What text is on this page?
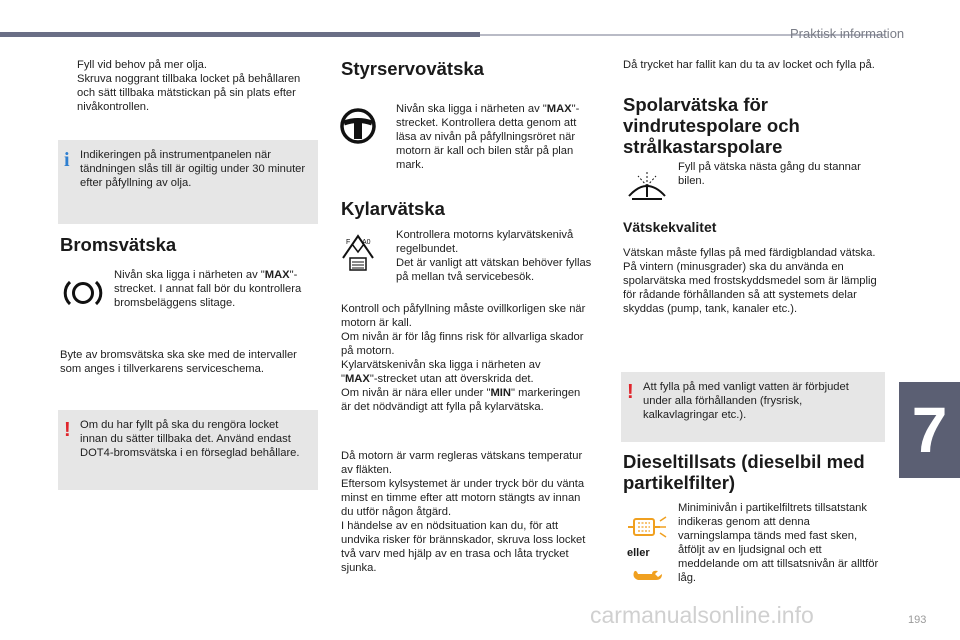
Praktisk information
7
Fyll vid behov på mer olja.
Skruva noggrant tillbaka locket på behållaren och sätt tillbaka mätstickan på sin plats efter nivåkontrollen.
i Indikeringen på instrumentpanelen när tändningen slås till är ogiltig under 30 minuter efter påfyllning av olja.
Bromsvätska
Nivån ska ligga i närheten av "MAX"-strecket. I annat fall bör du kontrollera bromsbeläggens slitage.
Byte av bromsvätska ska ske med de intervaller som anges i tillverkarens serviceschema.
! Om du har fyllt på ska du rengöra locket innan du sätter tillbaka det. Använd endast DOT4-bromsvätska i en förseglad behållare.
Styrservovätska
Nivån ska ligga i närheten av "MAX"-strecket. Kontrollera detta genom att läsa av nivån på påfyllningsröret när motorn är kall och bilen står på plan mark.
Kylarvätska
F A0
Kontrollera motorns kylarvätskenivå regelbundet.
Det är vanligt att vätskan behöver fyllas på mellan två servicebesök.
Kontroll och påfyllning måste ovillkorligen ske när motorn är kall.
Om nivån är för låg finns risk för allvarliga skador på motorn.
Kylarvätskenivån ska ligga i närheten av
"MAX"-strecket utan att överskrida det.
Om nivån är nära eller under "MIN" markeringen är det nödvändigt att fylla på kylarvätska.
Då motorn är varm regleras vätskans temperatur av fläkten.
Eftersom kylsystemet är under tryck bör du vänta minst en timme efter att motorn stängts av innan du utför någon åtgärd.
I händelse av en nödsituation kan du, för att undvika risker för brännskador, skruva loss locket två varv med hjälp av en trasa och låta trycket sjunka.
Då trycket har fallit kan du ta av locket och fylla på.
Spolarvätska för vindrutespolare och strålkastarspolare
Fyll på vätska nästa gång du stannar bilen.
Vätskekvalitet
Vätskan måste fyllas på med färdigblandad vätska.
På vintern (minusgrader) ska du använda en spolarvätska med frostskyddsmedel som är lämplig för rådande förhållanden så att systemets delar skyddas (pump, tank, kanaler etc.).
! Att fylla på med vanligt vatten är förbjudet under alla förhållanden (frysrisk, kalkavlagringar etc.).
Dieseltillsats (dieselbil med partikelfilter)
eller
Miniminivån i partikelfiltrets tillsatstank indikeras genom att denna varningslampa tänds med fast sken, åtföljt av en ljudsignal och ett meddelande om att tillsatsnivån är alltför låg.
carmanualsonline.info	193
